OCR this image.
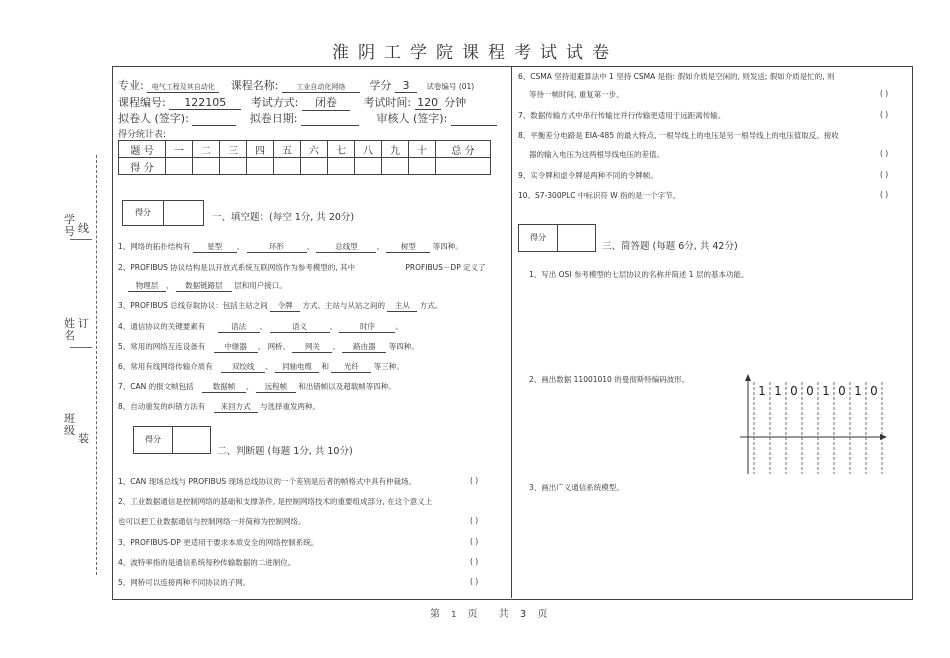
淮阴工学院课程考试试卷
学号
姓名
班级
线
订
装
专业: 电气工程及其自动化 课程名称:	工业自动化网络 学分 3 试卷编号 (01)
课程编号: 122105 考试方式: 闭卷 考试时间: 120 分钟
拟卷人 (签字):	拟卷日期:	审核人 (签字):
得分统计表:
题 号	一	二	三	四	五	六	七	八	九	十	总 分
得 分											
得分	一、填空题：(每空 1分, 共 20分)
1、网络的拓扑结构有 星型 、	环形	、	总线型	、 树型 等四种。
2、PROFIBUS 协议结构是以开放式系统互联网络作为参考模型的, 其中	PROFIBUS－DP 定义了
物理层 、 数据链路层 层和用户接口。
3、PROFIBUS 总线存取协议：包括主站之间 令牌 方式、主站与从站之间的 主从 方式。
4、通信协议的关键要素有	语法 、	语义	、	时序	。
5、常用的网络互连设备有	中继器 、 网桥、 网关 、 路由器 等四种。
6、常用有线网络传输介质有	双绞线 、 同轴电缆 和 光纤 等三种。
7、CAN 的报文帧包括	数据帧 、 远程帧 和出错帧以及超载帧等四种。
8、自动重发的纠错方法有 来回方式 与选择重发两种。
得分
二、判断题 (每题 1分, 共 10分)
1、CAN 现场总线与 PROFIBUS 现场总线协议的一个差别是后者的帧格式中具有仲裁场。	( )
2、工业数据通信是控制网络的基础和支撑条件, 是控制网络技术的重要组成部分, 在这个意义上
也可以把工业数据通信与控制网络一并简称为控制网络。	( )
3、PROFIBUS-DP 更适用于要求本质安全的网络控制系统。	( )
4、波特率指的是通信系统每秒传输数据的二进制位。	( )
5、网桥可以连接两种不同协议的子网。	( )
6、CSMA 坚持退避算法中 1 坚持 CSMA 是指: 假如介质是空闲的, 则发送; 假如介质是忙的, 则
等待一帧时间, 重复第一步。	( )
7、数据传输方式中串行传输比并行传输更适用于远距离传输。	( )
8、平衡差分电路是 EIA-485 的最大特点, 一根导线上的电压是另一根导线上的电压值取反。接收
器的输入电压为这两根导线电压的差值。	( )
9、实令牌和虚令牌是两种不同的令牌帧。	( )
10、S7-300PLC 中标识符 W 指的是一个字节。	( )
得分
三、简答题 (每题 6分, 共 42分)
1、写出 OSI 参考模型的七层协议的名称并简述 1 层的基本功能。
2、画出数据 11001010 的曼彻斯特编码波形。
3、画出广义通信系统模型。
1 1 0 0 1 0 1 0
第 1 页 共 3 页
